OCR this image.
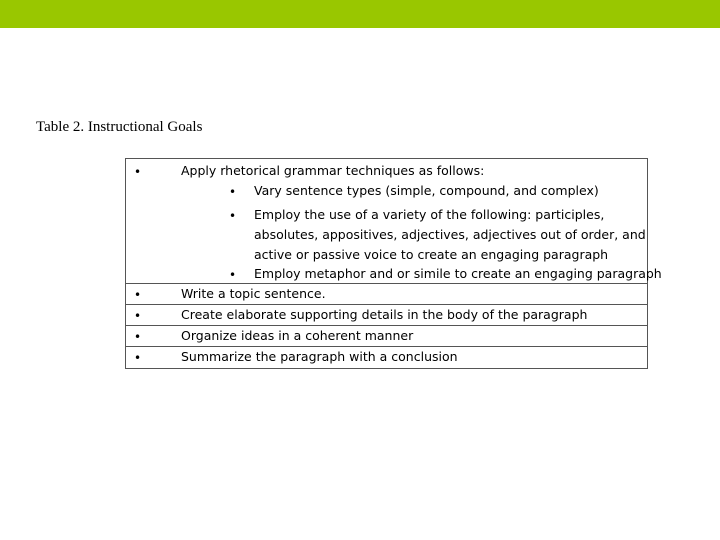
Table 2. Instructional Goals
•	Apply rhetorical grammar techniques as follows:
• Vary sentence types (simple, compound, and complex)
• Employ the use of a variety of the following: participles,
absolutes, appositives, adjectives, adjectives out of order, and
active or passive voice to create an engaging paragraph
• Employ metaphor and or simile to create an engaging paragraph
•	Write a topic sentence.
•	Create elaborate supporting details in the body of the paragraph
•	Organize ideas in a coherent manner
•	Summarize the paragraph with a conclusion
